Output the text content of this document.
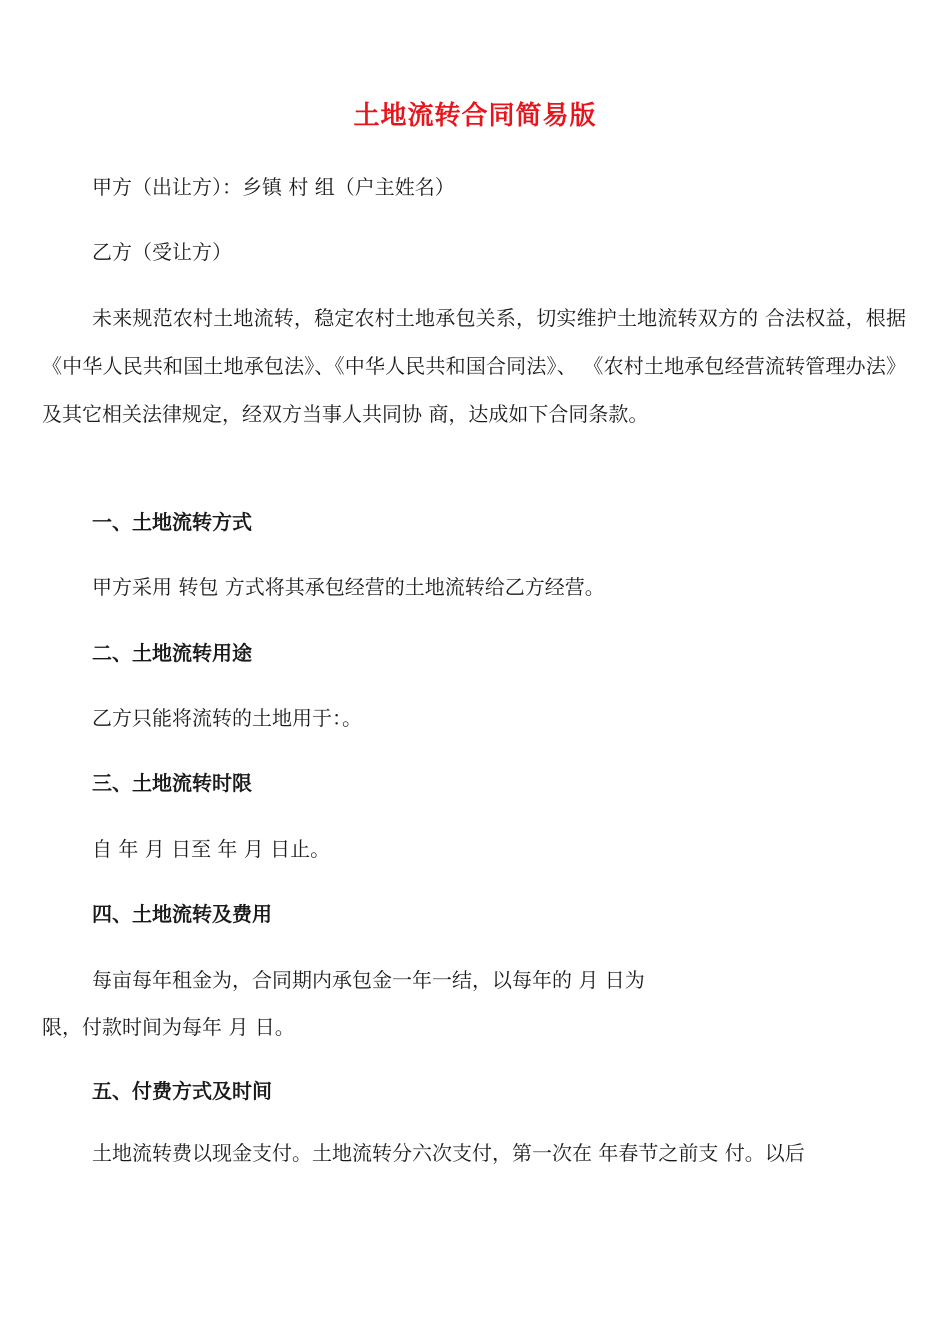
土地流转合同简易版
甲方（出让方）：乡镇 村 组（户主姓名）
乙方（受让方）
未来规范农村土地流转，稳定农村土地承包关系，切实维护土地流转双方的 合法权益，根据《中华人民共和国土地承包法》、《中华人民共和国合同法》、 《农村土地承包经营流转管理办法》及其它相关法律规定，经双方当事人共同协 商，达成如下合同条款。
一、土地流转方式
甲方采用 转包 方式将其承包经营的土地流转给乙方经营。
二、土地流转用途
乙方只能将流转的土地用于：。
三、土地流转时限
自 年 月 日至 年 月 日止。
四、土地流转及费用
每亩每年租金为，合同期内承包金一年一结，以每年的 月 日为
限，付款时间为每年 月 日。
五、付费方式及时间
土地流转费以现金支付。土地流转分六次支付，第一次在 年春节之前支 付。以后
